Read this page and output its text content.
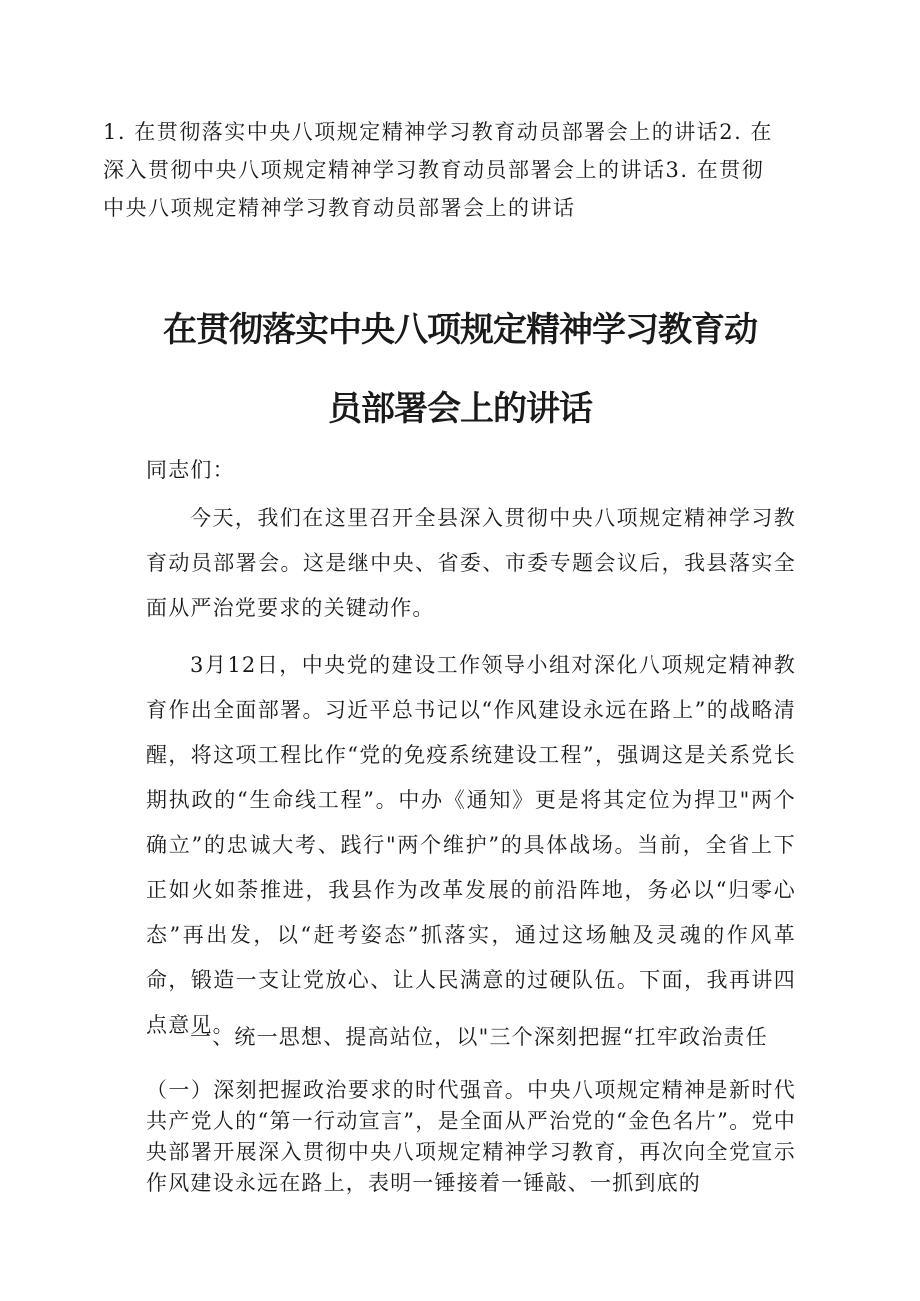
1. 在贯彻落实中央八项规定精神学习教育动员部署会上的讲话2. 在深入贯彻中央八项规定精神学习教育动员部署会上的讲话3. 在贯彻中央八项规定精神学习教育动员部署会上的讲话

在贯彻落实中央八项规定精神学习教育动
员部署会上的讲话

同志们：

今天，我们在这里召开全县深入贯彻中央八项规定精神学习教育动员部署会。这是继中央、省委、市委专题会议后，我县落实全面从严治党要求的关键动作。

3月12日，中央党的建设工作领导小组对深化八项规定精神教育作出全面部署。习近平总书记以“作风建设永远在路上”的战略清醒，将这项工程比作“党的免疫系统建设工程”，强调这是关系党长期执政的“生命线工程”。中办《通知》更是将其定位为捍卫"两个确立”的忠诚大考、践行"两个维护”的具体战场。当前，全省上下正如火如荼推进，我县作为改革发展的前沿阵地，务必以“归零心态”再出发，以“赶考姿态”抓落实，通过这场触及灵魂的作风革命，锻造一支让党放心、让人民满意的过硬队伍。下面，我再讲四点意见。

一、统一思想、提高站位，以"三个深刻把握“扛牢政治责任

（一）深刻把握政治要求的时代强音。中央八项规定精神是新时代共产党人的“第一行动宣言”，是全面从严治党的“金色名片”。党中央部署开展深入贯彻中央八项规定精神学习教育，再次向全党宣示作风建设永远在路上，表明一锤接着一锤敲、一抓到底的
